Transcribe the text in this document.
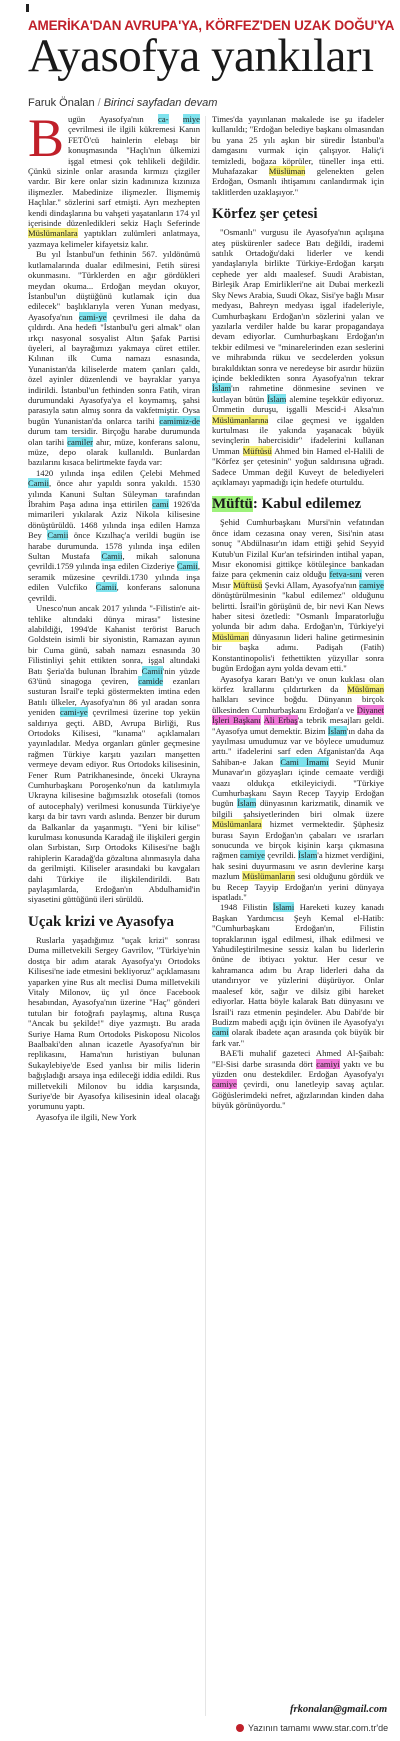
AMERİKA'DAN AVRUPA'YA, KÖRFEZ'DEN UZAK DOĞU'YA
Ayasofya yankıları
Faruk Önalan / Birinci sayfadan devam

Bugün Ayasofya'nın ca- miye çevrilmesi ile ilgili kükremesi Kanın FETÖ'cü hainlerin elebaşı bir konuşmasında "Haçlı'nın ülkemizi işgal etmesi çok tehlikeli değildir. Çünkü sizinle onlar arasında kırmızı çizgiler vardır. Bir kere onlar sizin kadınınıza kızınıza ilişmezler. Mabedinize ilişmezler. İlişmemiş Haçlılar." sözlerini sarf etmişti. Ayrı mezhepten kendi dindaşlarına bu vahşeti yaşatanların 174 yıl içerisinde düzenledikleri sekiz Haçlı Seferinde Müslümanlara yaptıkları zulümleri anlatmaya, yazmaya kelimeler kifayetsiz kalır.

Bu yıl İstanbul'un fethinin 567. yıldönümü kutlamalarında dualar edilmesini, Fetih süresi okunmasını. "Türklerden en ağır gördükleri meydan okuma... Erdoğan meydan okuyor, İstanbul'un düştüğünü kutlamak için dua edilecek" başlıklarıyla veren Yunan medyası, Ayasofya'nın cami-ye çevrilmesi ile daha da çıldırdı. Ana hedefi "İstanbul'u geri almak" olan ırkçı nasyonal sosyalist Altın Şafak Partisi üyeleri, al bayrağımızı yakmaya cüret ettiler. Kılınan ilk Cuma namazı esnasında, Yunanistan'da kiliselerde matem çanları çaldı, özel ayinler düzenlendi ve bayraklar yarıya indirildi. İstanbul'un fethinden sonra Fatih, viran durumundaki Ayasofya'ya el koymamış, şahsi parasıyla satın almış sonra da vakfetmiştir. Oysa bugün Yunanistan'da onlarca tarihi camimiz-de durum tam tersidir. Birçoğu harabe durumunda olan tarihi camiler ahır, müze, konferans salonu, müze, depo olarak kullanıldı. Bunlardan bazılarını kısaca belirtmekte fayda var:

1420 yılında inşa edilen Çelebi Mehmed Camii, önce ahır yapıldı sonra yakıldı. 1530 yılında Kanuni Sultan Süleyman tarafından İbrahim Paşa adına inşa ettirilen cami 1926'da mimarileri yıkılarak Aziz Nikola kilisesine dönüştürüldü. 1468 yılında inşa edilen Hamza Bey Camii önce Kızılhaç'a verildi bugün ise harabe durumunda. 1578 yılında inşa edilen Sultan Mustafa Camii, mikah salonuna çevrildi.1759 yılında inşa edilen Cizderiye Camii, seramik müzesine çevrildi.1730 yılında inşa edilen Vulcfiko Camii, konferans salonuna çevrildi.

Unesco'nun ancak 2017 yılında "-Filistin'e ait- tehlike altındaki dünya mirası" listesine alabildiği, 1994'de Kahanist terörist Baruch Goldstein isimli bir siyonistin, Ramazan ayının bir Cuma günü, sabah namazı esnasında 30 Filistinliyi şehit ettikten sonra, işgal altındaki Batı Şeria'da bulunan İbrahim Camii'nin yüzde 63'ünü sinagoga çeviren, camide ezanları susturan İsrail'e tepki göstermekten imtina eden Batılı ülkeler, Ayasofya'nın 86 yıl aradan sonra yeniden cami-ye çevrilmesi üzerine top yekün saldırıya geçti. ABD, Avrupa Birliği, Rus Ortodoks Kilisesi, "kınama" açıklamaları yayınladılar. Medya organları günler geçmesine rağmen Türkiye karşıtı yazıları manşetten vermeye devam ediyor. Rus Ortodoks kilisesinin, Fener Rum Patrikhanesinde, önceki Ukrayna Cumhurbaşkanı Poroşenko'nun da katılımıyla Ukrayna kilisesine bağımsızlık otosefali (tomos of autocephaly) verilmesi konusunda Türkiye'ye karşı da bir tavrı vardı aslında. Benzer bir durum da Balkanlar da yaşanmıştı. "Yeni bir kilise" kurulması konusunda Karadağ ile ilişkileri gergin olan Sırbistan, Sırp Ortodoks Kilisesi'ne bağlı rahiplerin Karadağ'da gözaltına alınmasıyla daha da gerilmişti. Kiliseler arasındaki bu kavgaları dahi Türkiye ile ilişkilendirildi. Batı paylaşımlarda, Erdoğan'ın Abdulhamid'in siyasetini güttüğünü ileri sürüldü.

Uçak krizi ve Ayasofya

Ruslarla yaşadığımız "uçak krizi" sonrası Duma milletvekili Sergey Gavrilov, "Türkiye'nin dostça bir adım atarak Ayasofya'yı Ortodoks Kilisesi'ne iade etmesini bekliyoruz" açıklamasını yaparken yine Rus alt meclisi Duma milletvekili Vitaly Milonov, üç yıl önce Facebook hesabından, Ayasofya'nın üzerine "Haç" gönderi tutulan bir fotoğrafı paylaşmış, altına Rusça "Ancak bu şekilde!" diye yazmıştı. Bu arada Suriye Hama Rum Ortodoks Piskoposu Nicolos Baalbaki'den alınan icazetle Ayasofya'nın bir replikasını, Hama'nın hıristiyan bulunan Sukaylebiye'de Esed yanlısı bir milis liderin bağışladığı arsaya inşa edileceği iddia edildi. Rus milletvekili Milonov bu iddia karşısında, Suriye'de bir Ayasofya kilisesinin ideal olacağı yorumunu yaptı.

Ayasofya ile ilgili, New York

Times'da yayınlanan makalede ise şu ifadeler kullanıldı; "Erdoğan belediye başkanı olmasından bu yana 25 yılı aşkın bir süredir İstanbul'a damgasını vurmak için çalışıyor. Haliç'i temizledi, boğaza köprüler, tüneller inşa etti. Muhafazakar Müslüman gelenekten gelen Erdoğan, Osmanlı ihtişamını canlandırmak için taklitlerden uzaklaşıyor."

Körfez şer çetesi

"Osmanlı" vurgusu ile Ayasofya'nın açılışına ateş püskürenler sadece Batı değildi, irademi satılık Ortadoğu'daki liderler ve kendi yandaşlarıyla birlikte Türkiye-Erdoğan karşıtı cephede yer aldı maalesef. Suudi Arabistan, Birleşik Arap Emirlikleri'ne ait Dubai merkezli Sky News Arabia, Suudi Okaz, Sisi'ye bağlı Mısır medyası, Bahreyn medyası işgal ifadeleriyle, Cumhurbaşkanı Erdoğan'ın sözlerini yalan ve yazılarla verdiler halde bu karar propagandaya devam ediyorlar. Cumhurbaşkanı Erdoğan'ın tekbir edilmesi ve "minarelerinden ezan seslerini ve mihrabında rükuı ve secdelerden yoksun bırakıldıktan sonra ve neredeyse bir asırdır hüzün içinde bekledikten sonra Ayasofya'nın tekrar İslam'ın rahmetine dönmesine sevinen ve kutlayan bütün İslam alemine teşekkür ediyoruz. Ümmetin duruşu, işgalli Mescid-i Aksa'nın Müslümanlarına cilae geçmesi ve işgalden kurtulması ile yakında yaşanacak büyük sevinçlerin habercisidir" ifadelerini kullanan Umman Müftüsü Ahmed bin Hamed el-Halili de "Körfez şer çetesinin" yoğun saldırısına uğradı. Sadece Umman değil Kuveyt de belediyeleri açıklamayı yapmadığı için hedefe oturtuldu.

Müftü: Kabul edilemez

Şehid Cumhurbaşkanı Mursi'nin vefatından önce idam cezasına onay veren, Sisi'nin atası sonuç "Abdülnasır'ın idam ettiği şehid Seyyid Kutub'un Fizilal Kur'an tefsirinden intihal yapan, Mısır ekonomisi gittikçe kötüleşince bankadan faize para çekmenin caiz olduğu fetva-sını veren Mısır Müftüsü Şevki Allam, Ayasofya'nın camiye dönüştürülmesinin "kabul edilemez" olduğunu belirtti. İsrail'in görüşünü de, bir nevi Kan News haber sitesi özetledi: "Osmanlı İmparatorluğu yolunda bir adım daha. Erdoğan'ın, Türkiye'yi Müslüman dünyasının lideri haline getirmesinin bir başka adımı. Padişah (Fatih) Konstantinopolis'i fethettikten yüzyıllar sonra bugün Erdoğan aynı yolda devam etti."

Ayasofya kararı Batı'yı ve onun kuklası olan körfez krallarını çıldırtırken da Müslüman halkları sevince boğdu. Dünyanın birçok ülkesinden Cumhurbaşkanı Erdoğan'a ve Diyanet İşleri Başkanı Ali Erbaş'a tebrik mesajları geldi. "Ayasofya umut demektir. Bizim İslam'ın daha da yayılması umudumuz var ve böylece umudumuz arttı." ifadelerini sarf eden Afganistan'da Aqa Sahiban-e Jakan Cami İmamı Seyid Munir Munavar'ın gözyaşları içinde cemaate verdiği vaazı oldukça etkileyiciydi. "Türkiye Cumhurbaşkanı Sayın Recep Tayyip Erdoğan bugün İslam dünyasının karizmatik, dinamik ve bilgili şahsiyetlerinden biri olmak üzere Müslümanlara hizmet vermektedir. Şüphesiz burası Sayın Erdoğan'ın çabaları ve ısrarları sonucunda ve birçok kişinin karşı çıkmasına rağmen camiye çevrildi. İslam'a hizmet verdiğini, hak sesini duyurmasını ve asrın devlerine karşı mazlum Müslümanların sesi olduğunu gördük ve bu Recep Tayyip Erdoğan'ın yerini dünyaya ispatladı."

1948 Filistin İslami Hareketi kuzey kanadı Başkan Yardımcısı Şeyh Kemal el-Hatib: "Cumhurbaşkanı Erdoğan'ın, Filistin topraklarının işgal edilmesi, ilhak edilmesi ve Yahudileştirilmesine sessiz kalan bu liderlerin önüne de ibtiyacı yoktur. Her cesur ve kahramanca adım bu Arap liderleri daha da utandırıyor ve yüzlerini düşürüyor. Onlar maalesef kör, sağır ve dilsiz gibi hareket ediyorlar. Hatta böyle kalarak Batı dünyasını ve İsrail'i razı etmenin peşindeler. Abu Dabi'de bir Budizm mabedi açığı için övünen ile Ayasofya'yı cami olarak ibadete açan arasında çok büyük bir fark var."

BAE'li muhalif gazeteci Ahmed Al-Şaibah: "El-Sisi darbe sırasında dört camiyi yaktı ve bu yüzden onu destekdiler. Erdoğan Ayasofya'yı camiye çevirdi, onu lanetleyip savaş açtılar. Göğüslerimdeki nefret, ağızlarından kinden daha büyük görünüyordu."

frkonalan@gmail.com
Yazının tamamı www.star.com.tr'de
